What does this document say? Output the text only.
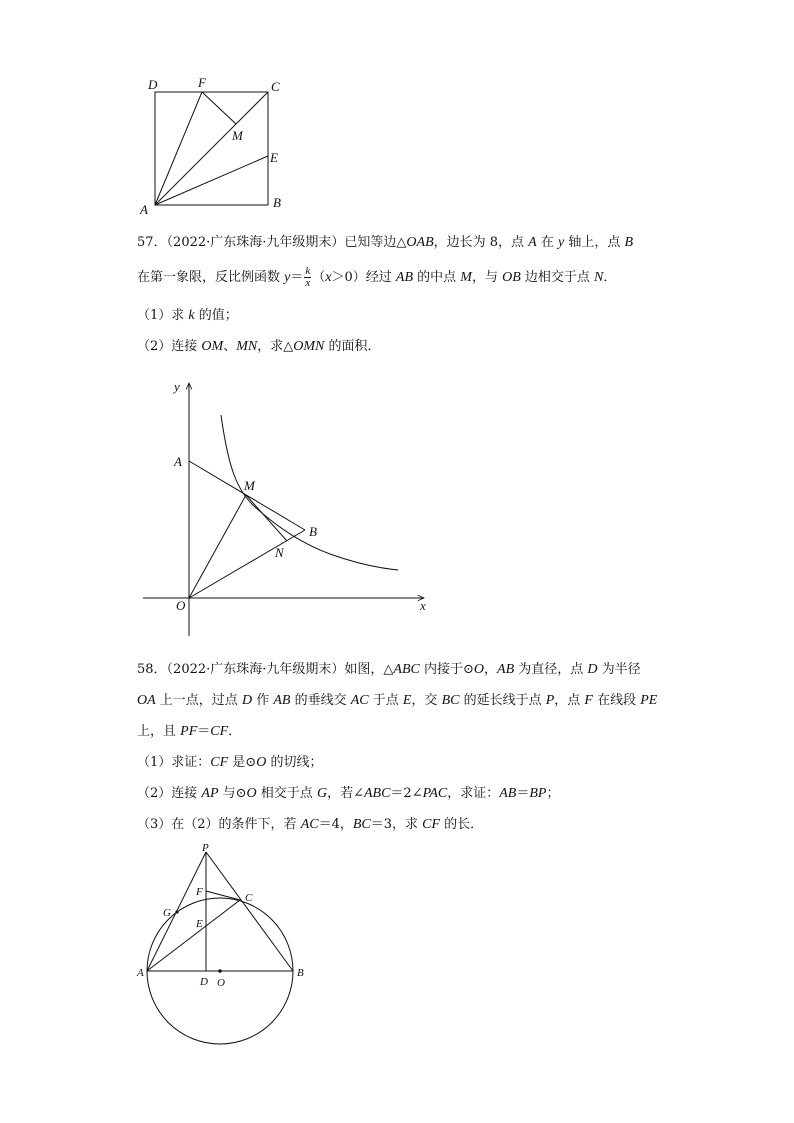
D	F	C
M
E
A	B
57．（2022·广东珠海·九年级期末）已知等边△OAB，边长为 8，点 A 在 y 轴上，点 B
在第一象限，反比例函数 $y= \frac{k}{x} (x>0)$经过 AB 的中点 M，与 OB 边相交于点 N．
（1）求 k 的值；
（2）连接 OM、MN，求△OMN 的面积．
y
x
O
A
M
B
N
58．（2022·广东珠海·九年级期末）如图，△ABC 内接于⊙O，AB 为直径，点 D 为半径
OA 上一点，过点 D 作 AB 的垂线交 AC 于点 E，交 BC 的延长线于点 P，点 F 在线段 PE
上，且 PF＝CF．
（1）求证：CF 是⊙O 的切线；
（2）连接 AP 与⊙O 相交于点 G，若∠ABC＝2∠PAC，求证：AB＝BP；
（3）在（2）的条件下，若 AC＝4，BC＝3，求 CF 的长．
P
F	C
G
E
A
D O
B
